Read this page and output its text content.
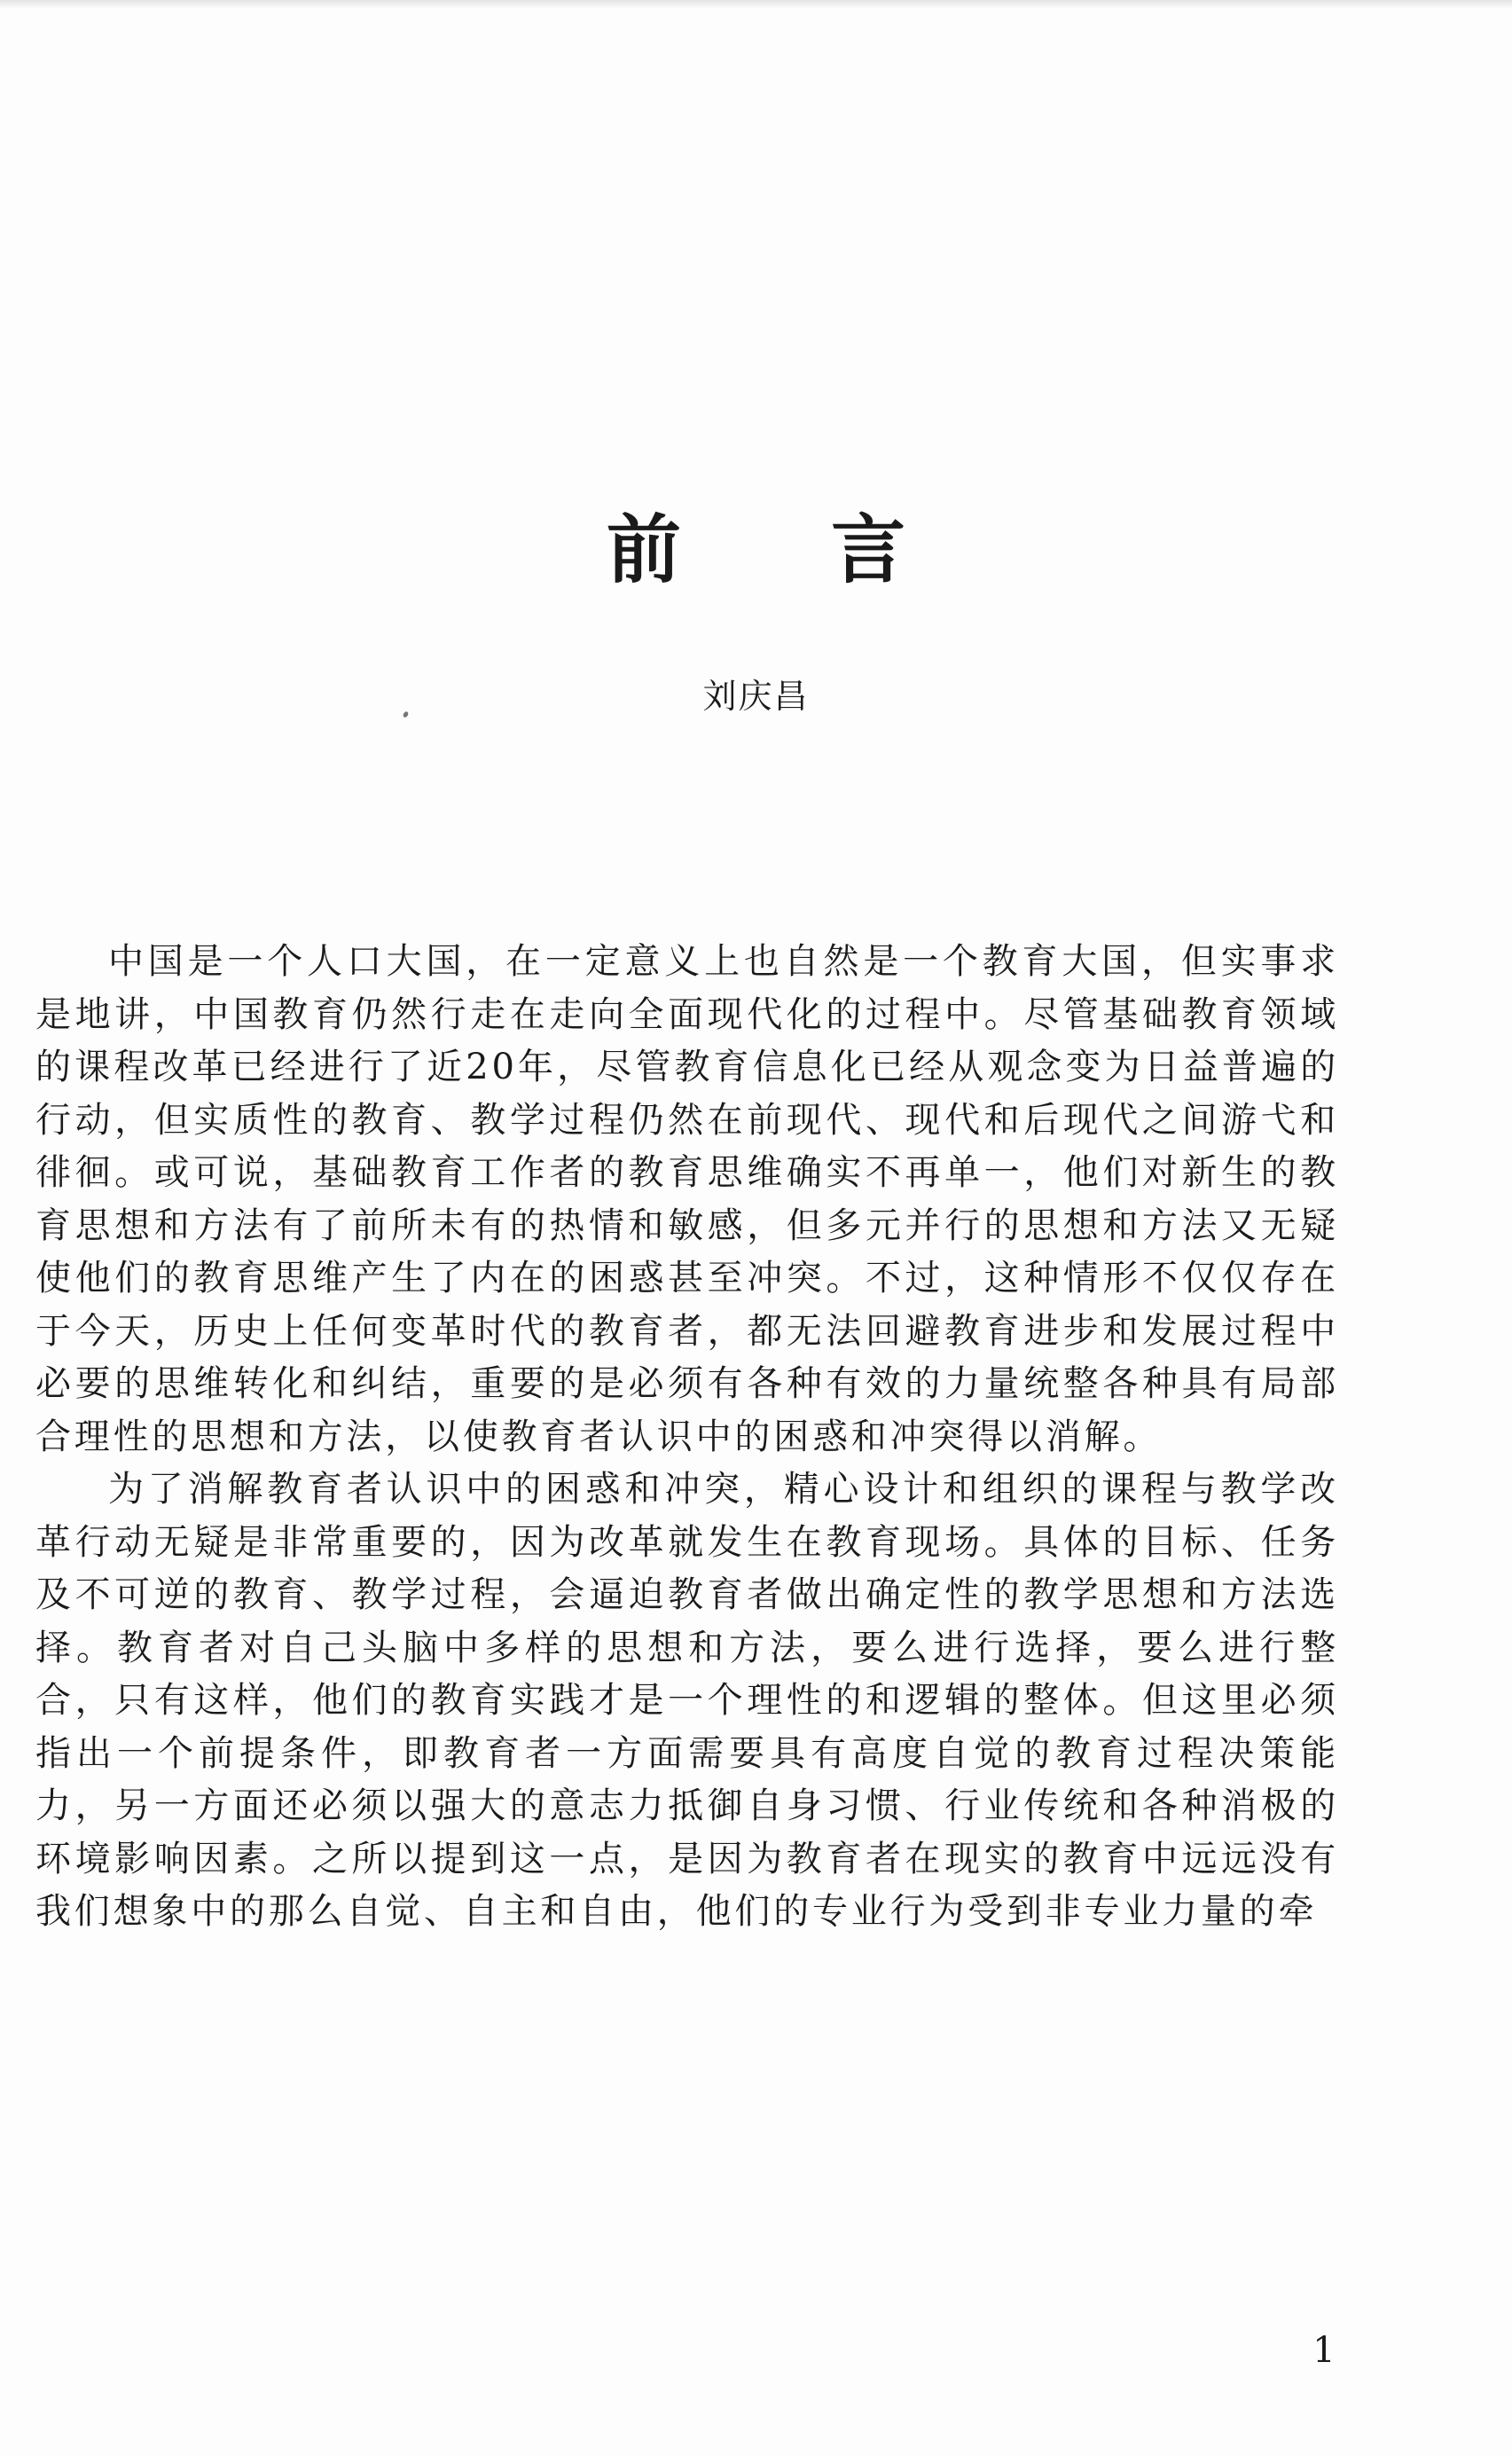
前 言
刘庆昌

中国是一个人口大国，在一定意义上也自然是一个教育大国，但实事求是地讲，中国教育仍然行走在走向全面现代化的过程中。尽管基础教育领域的课程改革已经进行了近20年，尽管教育信息化已经从观念变为日益普遍的行动，但实质性的教育、教学过程仍然在前现代、现代和后现代之间游弋和徘徊。或可说，基础教育工作者的教育思维确实不再单一，他们对新生的教育思想和方法有了前所未有的热情和敏感，但多元并行的思想和方法又无疑使他们的教育思维产生了内在的困惑甚至冲突。不过，这种情形不仅仅存在于今天，历史上任何变革时代的教育者，都无法回避教育进步和发展过程中必要的思维转化和纠结，重要的是必须有各种有效的力量统整各种具有局部合理性的思想和方法，以使教育者认识中的困惑和冲突得以消解。

为了消解教育者认识中的困惑和冲突，精心设计和组织的课程与教学改革行动无疑是非常重要的，因为改革就发生在教育现场。具体的目标、任务及不可逆的教育、教学过程，会逼迫教育者做出确定性的教学思想和方法选择。教育者对自己头脑中多样的思想和方法，要么进行选择，要么进行整合，只有这样，他们的教育实践才是一个理性的和逻辑的整体。但这里必须指出一个前提条件，即教育者一方面需要具有高度自觉的教育过程决策能力，另一方面还必须以强大的意志力抵御自身习惯、行业传统和各种消极的环境影响因素。之所以提到这一点，是因为教育者在现实的教育中远远没有我们想象中的那么自觉、自主和自由，他们的专业行为受到非专业力量的牵

1
